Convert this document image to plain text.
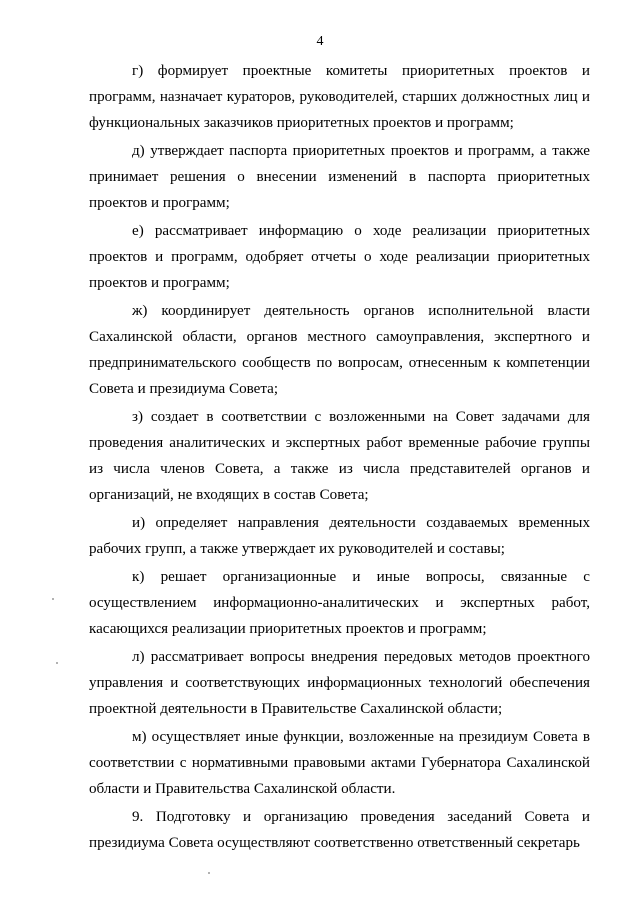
4

г) формирует проектные комитеты приоритетных проектов и программ, назначает кураторов, руководителей, старших должностных лиц и функциональных заказчиков приоритетных проектов и программ;

д) утверждает паспорта приоритетных проектов и программ, а также принимает решения о внесении изменений в паспорта приоритетных проектов и программ;

е) рассматривает информацию о ходе реализации приоритетных проектов и программ, одобряет отчеты о ходе реализации приоритетных проектов и программ;

ж) координирует деятельность органов исполнительной власти Сахалинской области, органов местного самоуправления, экспертного и предпринимательского сообществ по вопросам, отнесенным к компетенции Совета и президиума Совета;

з) создает в соответствии с возложенными на Совет задачами для проведения аналитических и экспертных работ временные рабочие группы из числа членов Совета, а также из числа представителей органов и организаций, не входящих в состав Совета;

и) определяет направления деятельности создаваемых временных рабочих групп, а также утверждает их руководителей и составы;

к) решает организационные и иные вопросы, связанные с осуществлением информационно-аналитических и экспертных работ, касающихся реализации приоритетных проектов и программ;

л) рассматривает вопросы внедрения передовых методов проектного управления и соответствующих информационных технологий обеспечения проектной деятельности в Правительстве Сахалинской области;

м) осуществляет иные функции, возложенные на президиум Совета в соответствии с нормативными правовыми актами Губернатора Сахалинской области и Правительства Сахалинской области.

9. Подготовку и организацию проведения заседаний Совета и президиума Совета осуществляют соответственно ответственный секретарь
